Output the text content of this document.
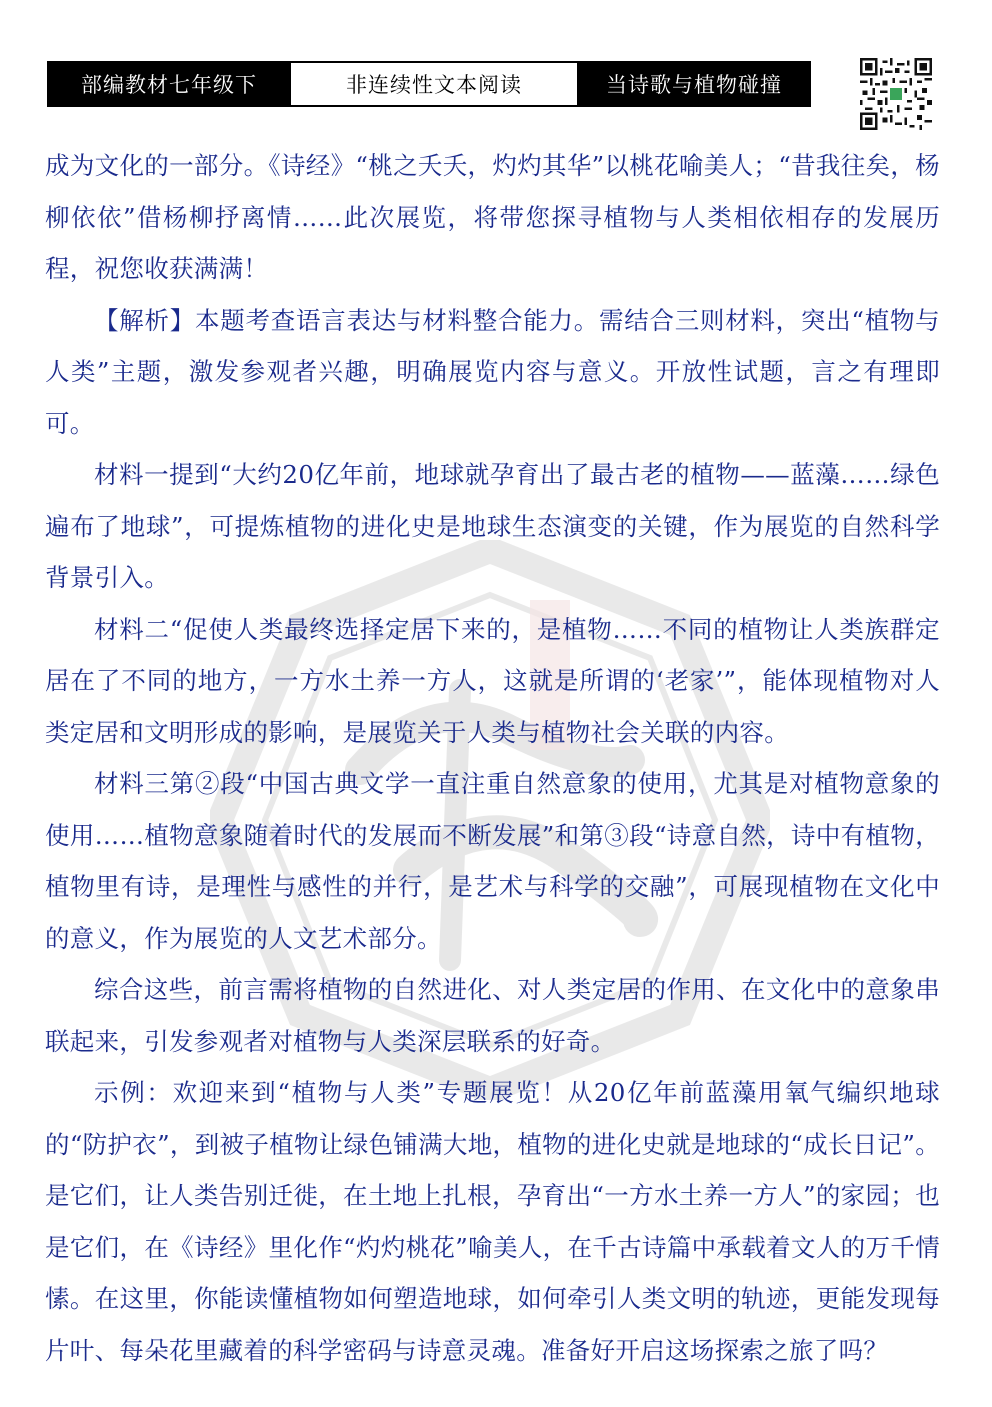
部编教材七年级下	非连续性文本阅读	当诗歌与植物碰撞

成为文化的一部分。《诗经》“桃之夭夭，灼灼其华”以桃花喻美人；“昔我往矣，杨柳依依”借杨柳抒离情……此次展览，将带您探寻植物与人类相依相存的发展历程，祝您收获满满！

【解析】本题考查语言表达与材料整合能力。需结合三则材料，突出“植物与人类”主题，激发参观者兴趣，明确展览内容与意义。开放性试题，言之有理即可。

材料一提到“大约20亿年前，地球就孕育出了最古老的植物——蓝藻……绿色遍布了地球”，可提炼植物的进化史是地球生态演变的关键，作为展览的自然科学背景引入。

材料二“促使人类最终选择定居下来的，是植物……不同的植物让人类族群定居在了不同的地方，一方水土养一方人，这就是所谓的‘老家’”，能体现植物对人类定居和文明形成的影响，是展览关于人类与植物社会关联的内容。

材料三第②段“中国古典文学一直注重自然意象的使用，尤其是对植物意象的使用……植物意象随着时代的发展而不断发展”和第③段“诗意自然，诗中有植物，植物里有诗，是理性与感性的并行，是艺术与科学的交融”，可展现植物在文化中的意义，作为展览的人文艺术部分。

综合这些，前言需将植物的自然进化、对人类定居的作用、在文化中的意象串联起来，引发参观者对植物与人类深层联系的好奇。

示例：欢迎来到“植物与人类”专题展览！从20亿年前蓝藻用氧气编织地球的“防护衣”，到被子植物让绿色铺满大地，植物的进化史就是地球的“成长日记”。是它们，让人类告别迁徙，在土地上扎根，孕育出“一方水土养一方人”的家园；也是它们，在《诗经》里化作“灼灼桃花”喻美人，在千古诗篇中承载着文人的万千情愫。在这里，你能读懂植物如何塑造地球，如何牵引人类文明的轨迹，更能发现每片叶、每朵花里藏着的科学密码与诗意灵魂。准备好开启这场探索之旅了吗？
